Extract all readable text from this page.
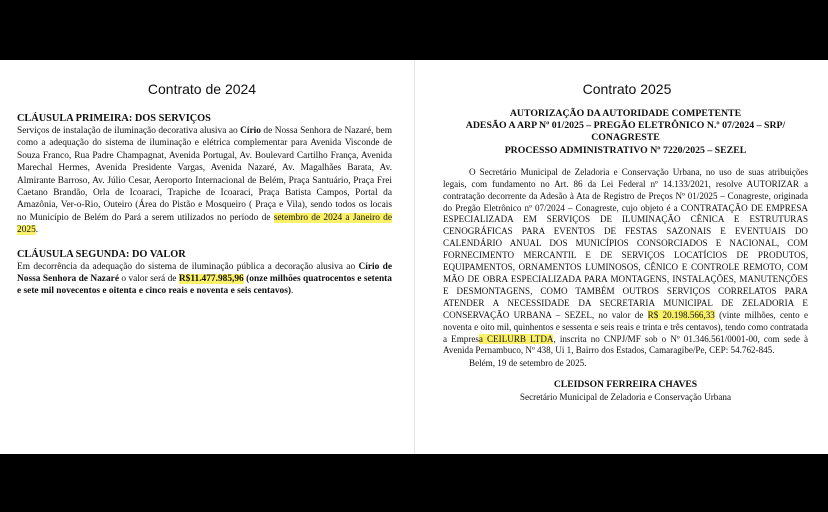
Contrato de 2024

CLÁUSULA PRIMEIRA: DOS SERVIÇOS

Serviços de instalação de iluminação decorativa alusiva ao Círio de Nossa Senhora de Nazaré, bem como a adequação do sistema de iluminação e elétrica complementar para Avenida Visconde de Souza Franco, Rua Padre Champagnat, Avenida Portugal, Av. Boulevard Cartilho França, Avenida Marechal Hermes, Avenida Presidente Vargas, Avenida Nazaré, Av. Magalhães Barata, Av. Almirante Barroso, Av. Júlio Cesar, Aeroporto Internacional de Belém, Praça Santuário, Praça Frei Caetano Brandão, Orla de Icoaraci, Trapiche de Icoaraci, Praça Batista Campos, Portal da Amazônia, Ver-o-Rio, Outeiro (Área do Pistão e Mosqueiro ( Praça e Vila), sendo todos os locais no Município de Belém do Pará a serem utilizados no período de setembro de 2024 a Janeiro de 2025.

CLÁUSULA SEGUNDA: DO VALOR

Em decorrência da adequação do sistema de iluminação pública a decoração alusiva ao Círio de Nossa Senhora de Nazaré o valor será de R$11.477.985,96 (onze milhões quatrocentos e setenta e sete mil novecentos e oitenta e cinco reais e noventa e seis centavos).

Contrato 2025
AUTORIZAÇÃO DA AUTORIDADE COMPETENTE
ADESÃO A ARP Nº 01/2025 – PREGÃO ELETRÔNICO N.º 07/2024 – SRP/
CONAGRESTE
PROCESSO ADMINISTRATIVO Nº 7220/2025 – SEZEL

O Secretário Municipal de Zeladoria e Conservação Urbana, no uso de suas atribuições legais, com fundamento no Art. 86 da Lei Federal nº 14.133/2021, resolve AUTORIZAR a contratação decorrente da Adesão à Ata de Registro de Preços Nº 01/2025 – Conagreste, originada do Pregão Eletrônico nº 07/2024 – Conagreste, cujo objeto é a CONTRATAÇÃO DE EMPRESA ESPECIALIZADA EM SERVIÇOS DE ILUMINAÇÃO CÊNICA E ESTRUTURAS CENOGRÁFICAS PARA EVENTOS DE FESTAS SAZONAIS E EVENTUAIS DO CALENDÁRIO ANUAL DOS MUNICÍPIOS CONSORCIADOS E NACIONAL, COM FORNECIMENTO MERCANTIL E DE SERVIÇOS LOCATÍCIOS DE PRODUTOS, EQUIPAMENTOS, ORNAMENTOS LUMINOSOS, CÊNICO E CONTROLE REMOTO, COM MÃO DE OBRA ESPECIALIZADA PARA MONTAGENS, INSTALAÇÕES, MANUTENÇÕES E DESMONTAGENS, COMO TAMBÉM OUTROS SERVIÇOS CORRELATOS PARA ATENDER A NECESSIDADE DA SECRETARIA MUNICIPAL DE ZELADORIA E CONSERVAÇÃO URBANA – SEZEL, no valor de R$ 20.198.566,33 (vinte milhões, cento e noventa e oito mil, quinhentos e sessenta e seis reais e trinta e três centavos), tendo como contratada a Empresa CEILURB LTDA, inscrita no CNPJ/MF sob o Nº 01.346.561/0001-00, com sede à Avenida Pernambuco, Nº 438, Ui 1, Bairro dos Estados, Camaragibe/Pe, CEP: 54.762-845.

Belém, 19 de setembro de 2025.

CLEIDSON FERREIRA CHAVES
Secretário Municipal de Zeladoria e Conservação Urbana
